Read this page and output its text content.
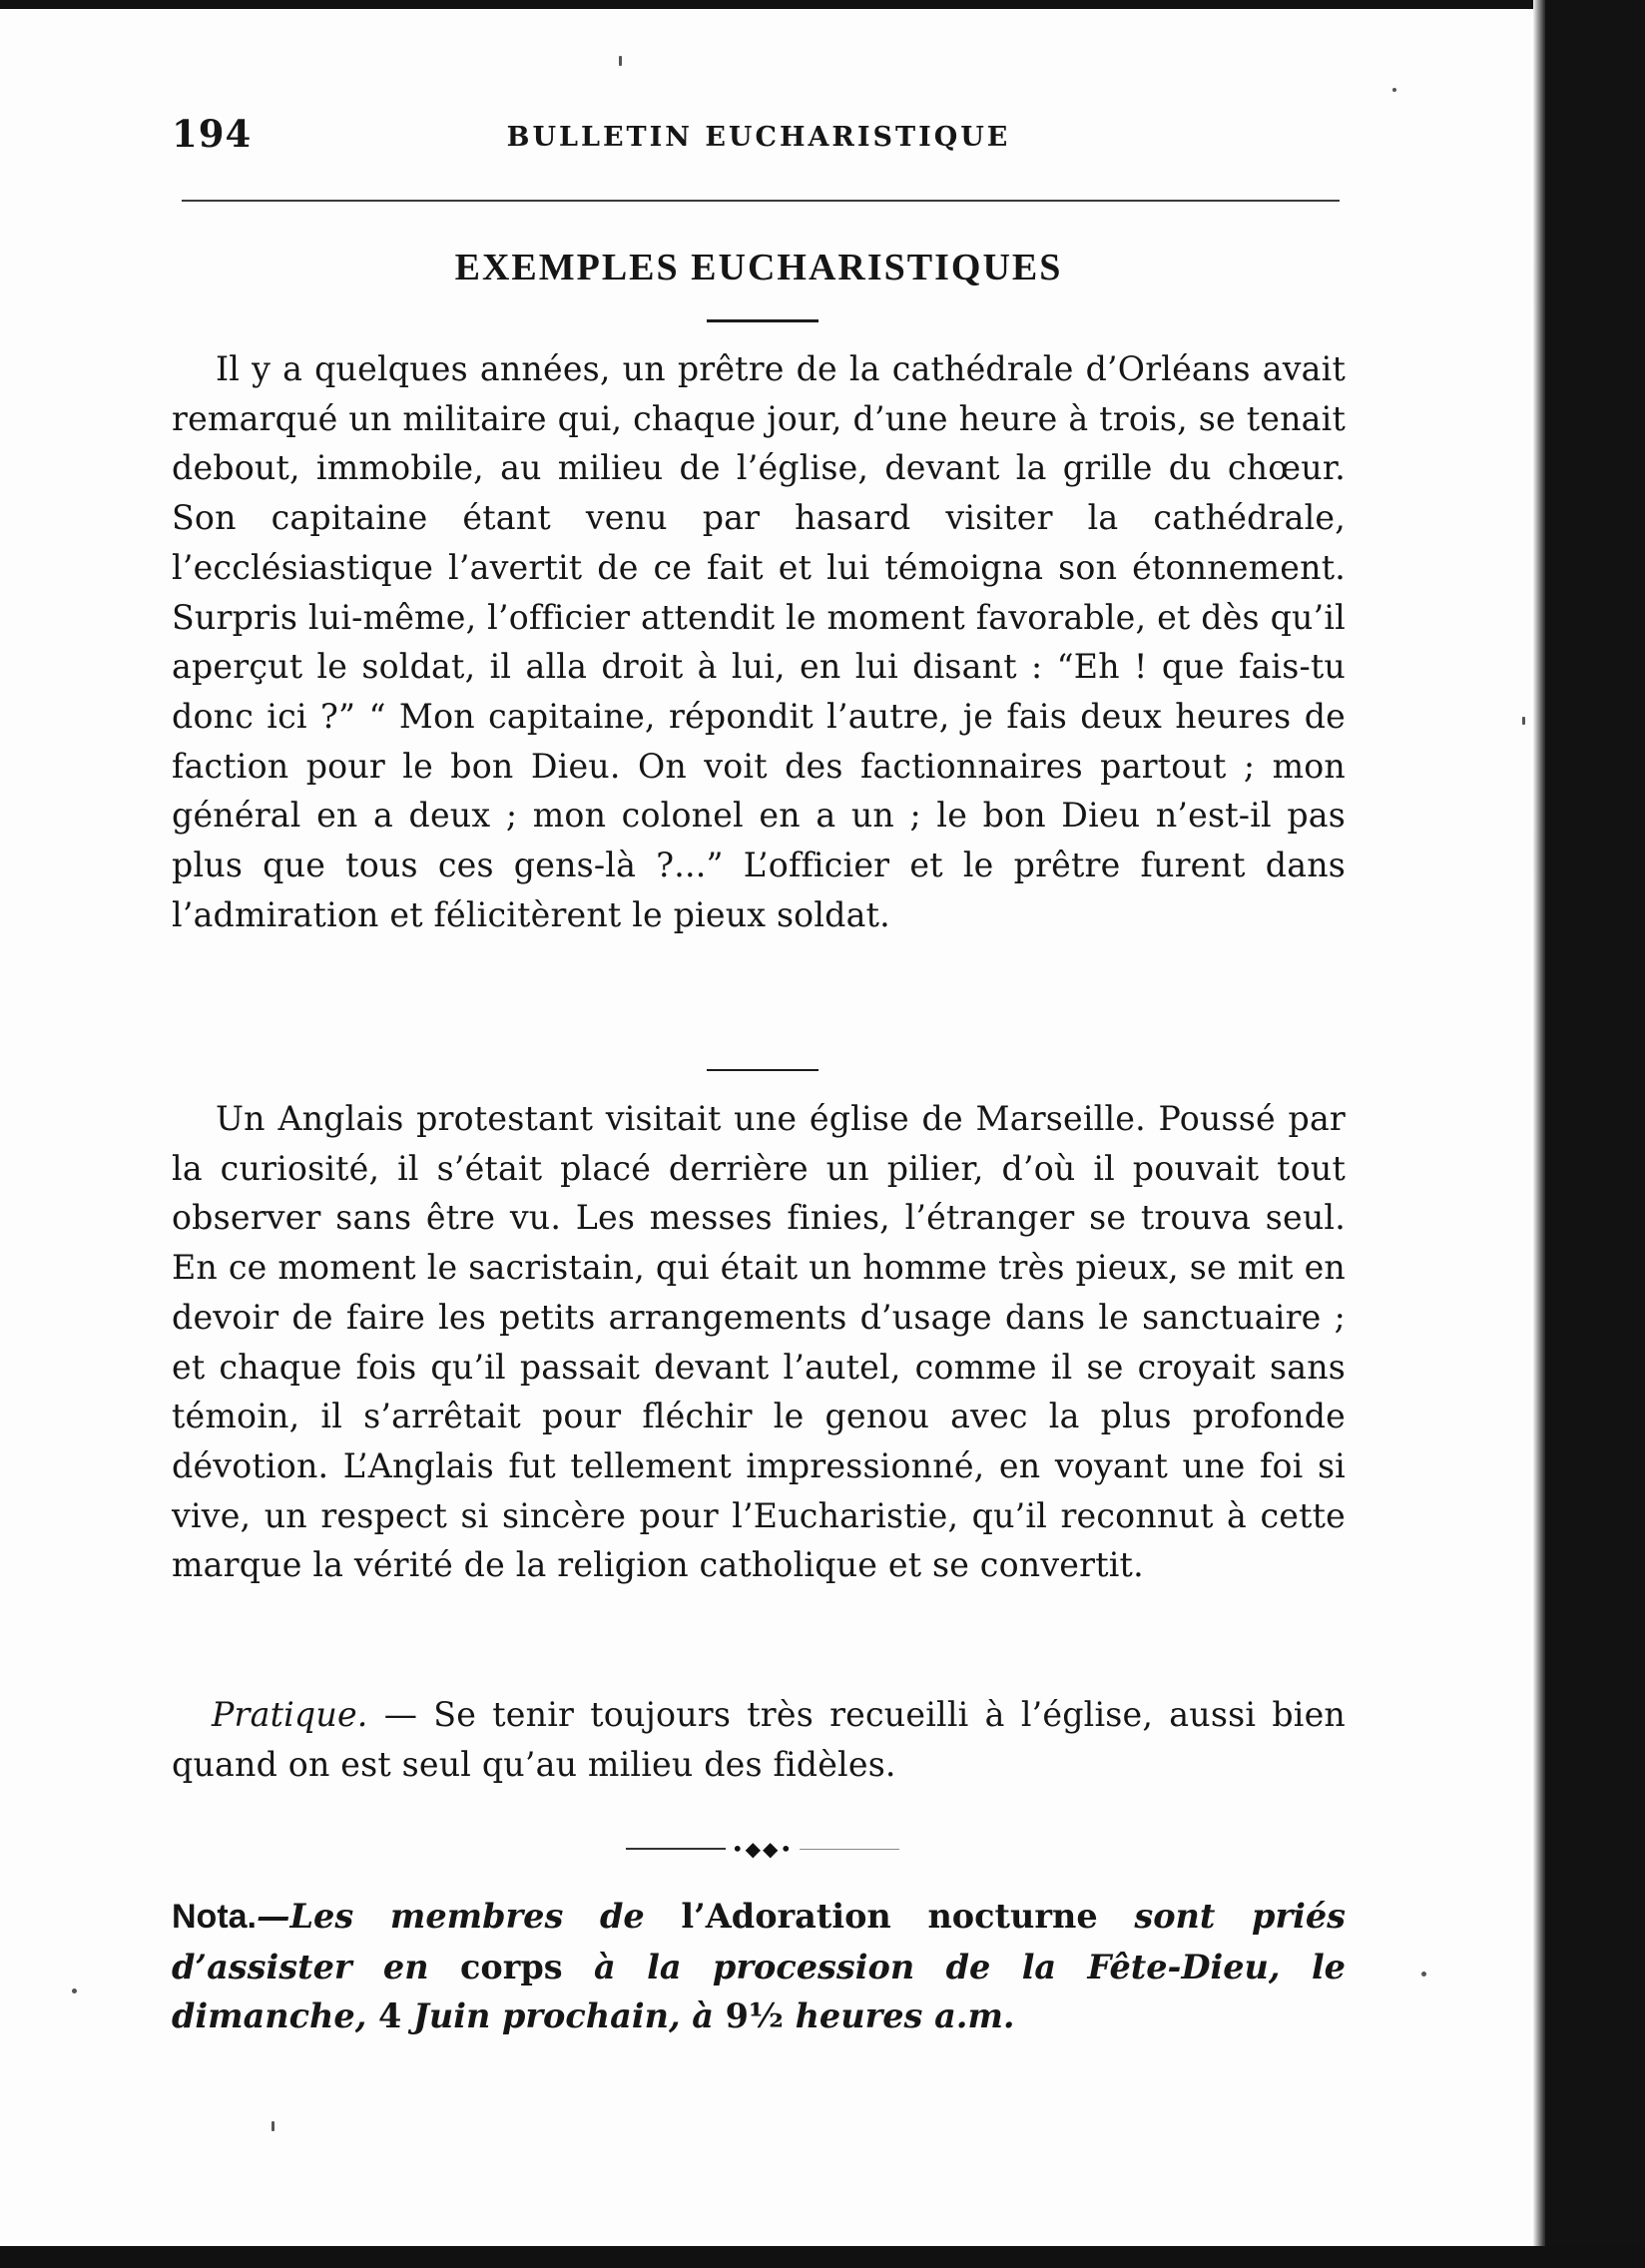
194	BULLETIN EUCHARISTIQUE
EXEMPLES EUCHARISTIQUES

Il y a quelques années, un prêtre de la cathédrale d’Orléans avait remarqué un militaire qui, chaque jour, d’une heure à trois, se tenait debout, immobile, au milieu de l’église, devant la grille du chœur. Son capitaine étant venu par hasard visiter la cathédrale, l’ecclésiastique l’avertit de ce fait et lui témoigna son étonnement. Surpris lui-même, l’officier attendit le moment favorable, et dès qu’il aperçut le soldat, il alla droit à lui, en lui disant : “Eh ! que fais-tu donc ici ?” “ Mon capitaine, répondit l’autre, je fais deux heures de faction pour le bon Dieu. On voit des factionnaires partout ; mon général en a deux ; mon colonel en a un ; le bon Dieu n’est-il pas plus que tous ces gens-là ?...” L’officier et le prêtre furent dans l’admiration et félicitèrent le pieux soldat.

Un Anglais protestant visitait une église de Marseille. Poussé par la curiosité, il s’était placé derrière un pilier, d’où il pouvait tout observer sans être vu. Les messes finies, l’étranger se trouva seul. En ce moment le sacristain, qui était un homme très pieux, se mit en devoir de faire les petits arrangements d’usage dans le sanctuaire ; et chaque fois qu’il passait devant l’autel, comme il se croyait sans témoin, il s’arrêtait pour fléchir le genou avec la plus profonde dévotion. L’Anglais fut tellement impressionné, en voyant une foi si vive, un respect si sincère pour l’Eucharistie, qu’il reconnut à cette marque la vérité de la religion catholique et se convertit.

Pratique. — Se tenir toujours très recueilli à l’église, aussi bien quand on est seul qu’au milieu des fidèles.

•◆◆•

Nota.—Les membres de l’Adoration nocturne sont priés d’assister en corps à la procession de la Fête-Dieu, le dimanche, 4 Juin prochain, à 9½ heures a.m.
